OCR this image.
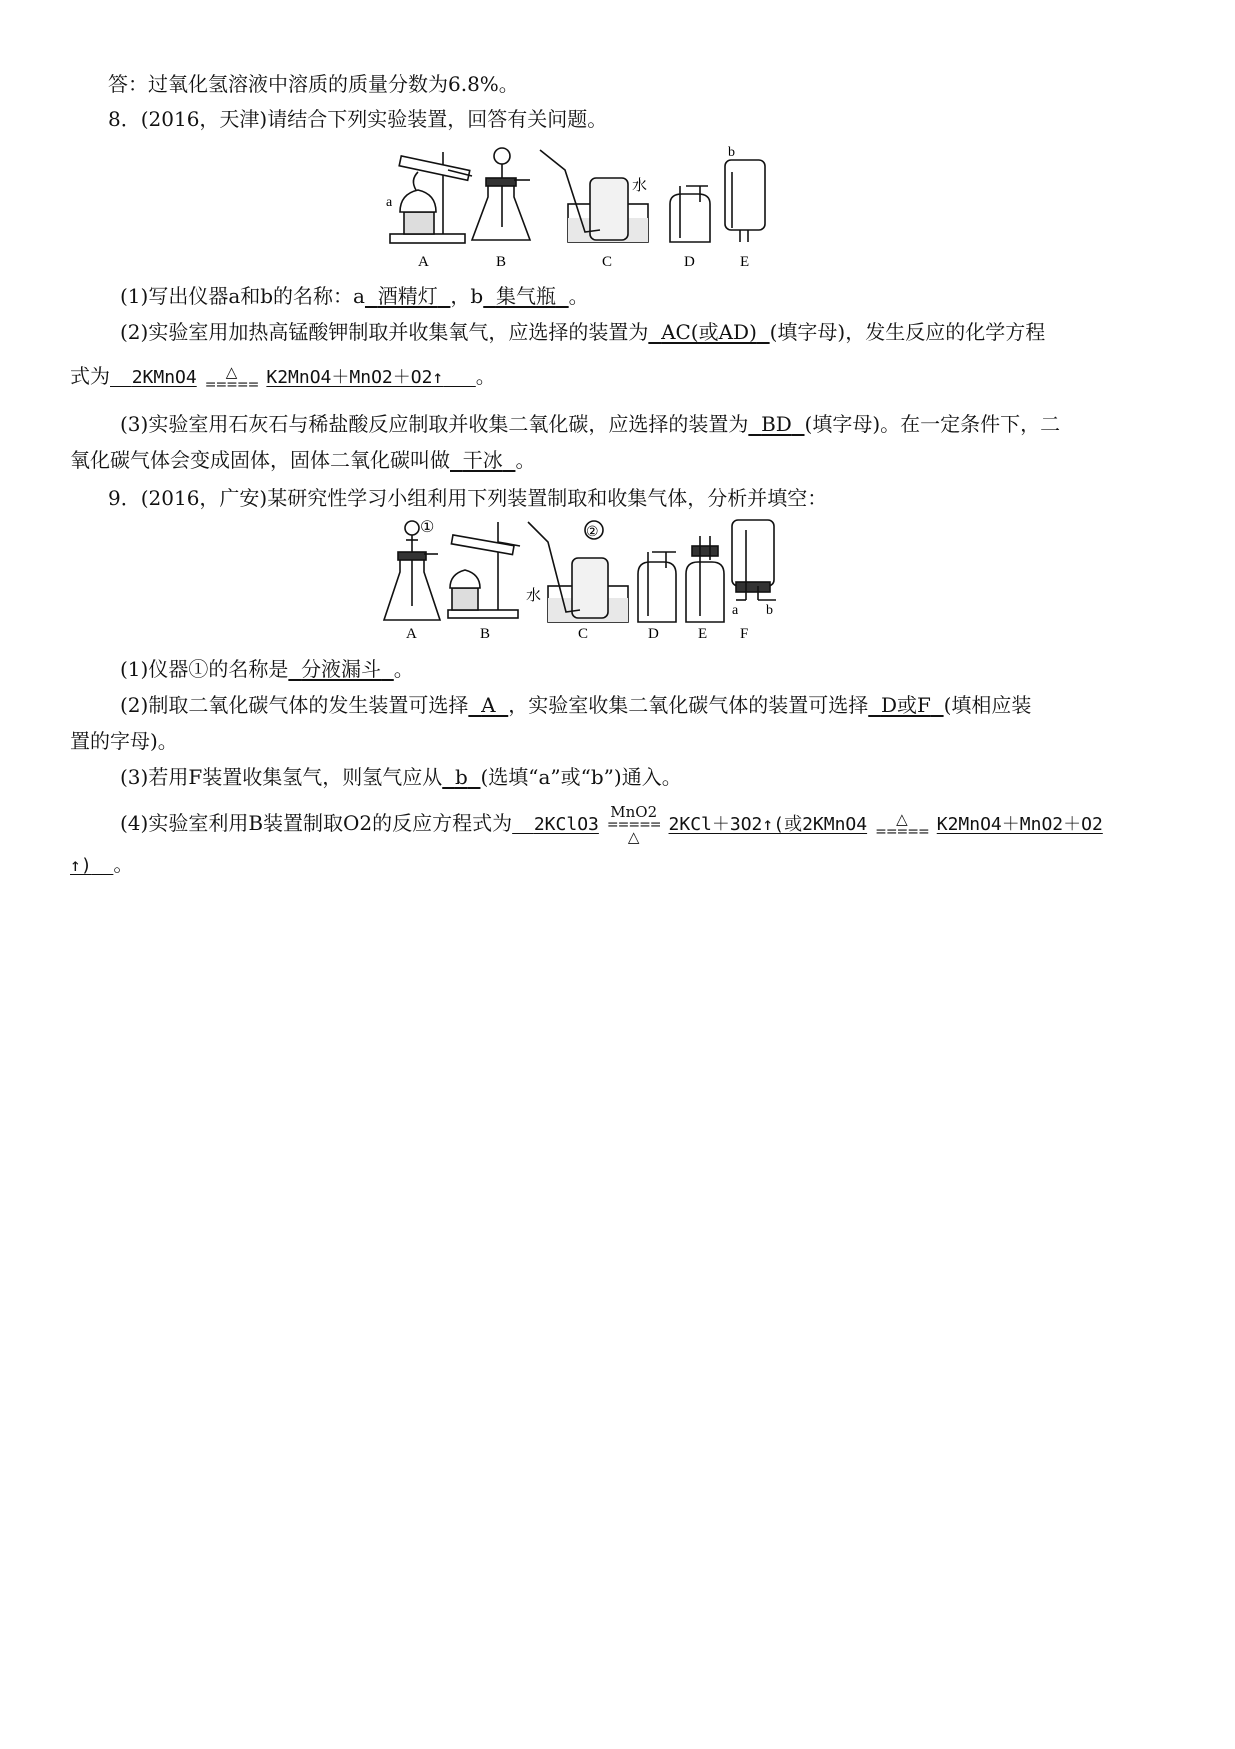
答：过氧化氢溶液中溶质的质量分数为6.8%。
8．(2016，天津)请结合下列实验装置，回答有关问题。
a
水
b
A	B	C	D	E
(1)写出仪器a和b的名称：a 酒精灯 ，b 集气瓶 。
(2)实验室用加热高锰酸钾制取并收集氧气，应选择的装置为 AC(或AD) (填字母)，发生反应的化学方程
式为 2KMnO4	△
===== K2MnO4＋MnO2＋O2↑ 。
(3)实验室用石灰石与稀盐酸反应制取并收集二氧化碳，应选择的装置为 BD (填字母)。在一定条件下，二
氧化碳气体会变成固体，固体二氧化碳叫做 干冰 。
9．(2016，广安)某研究性学习小组利用下列装置制取和收集气体，分析并填空：
①	②
水
a b
A	B	C	D	E F
(1)仪器①的名称是 分液漏斗 。
(2)制取二氧化碳气体的发生装置可选择 A ，实验室收集二氧化碳气体的装置可选择 D或F (填相应装
置的字母)。
(3)若用F装置收集氢气，则氢气应从 b (选填“a”或“b”)通入。
(4)实验室利用B装置制取O2的反应方程式为 2KClO3
MnO2
=====
△
2KCl＋3O2↑(或2KMnO4	△
===== K2MnO4＋MnO2＋O2
↑) 。
